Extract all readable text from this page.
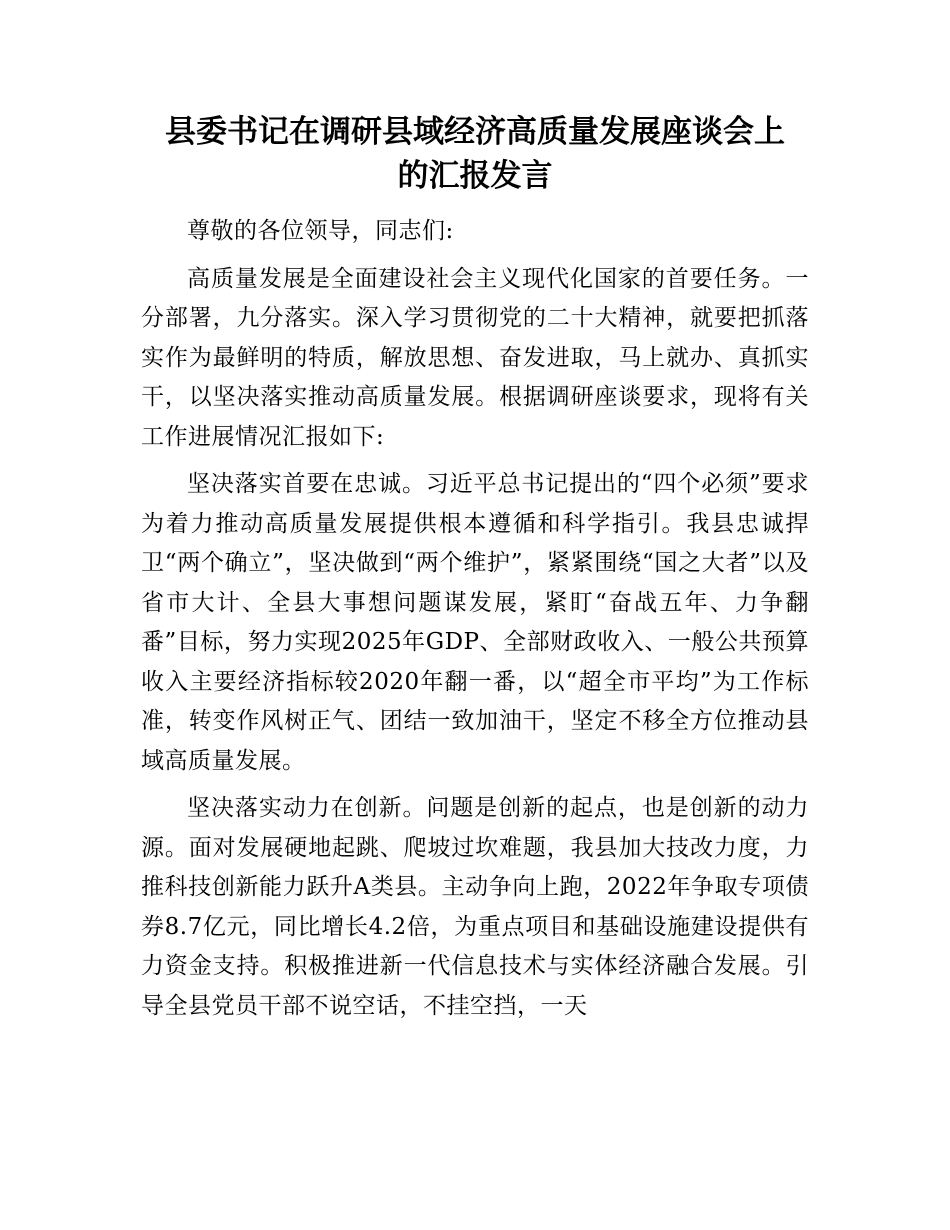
县委书记在调研县域经济高质量发展座谈会上
的汇报发言

尊敬的各位领导，同志们:

高质量发展是全面建设社会主义现代化国家的首要任务。一分部署，九分落实。深入学习贯彻党的二十大精神，就要把抓落实作为最鲜明的特质，解放思想、奋发进取，马上就办、真抓实干，以坚决落实推动高质量发展。根据调研座谈要求，现将有关工作进展情况汇报如下:

坚决落实首要在忠诚。习近平总书记提出的“四个必须”要求为着力推动高质量发展提供根本遵循和科学指引。我县忠诚捍卫“两个确立”，坚决做到“两个维护”，紧紧围绕“国之大者”以及省市大计、全县大事想问题谋发展，紧盯“奋战五年、力争翻番”目标，努力实现2025年GDP、全部财政收入、一般公共预算收入主要经济指标较2020年翻一番，以“超全市平均”为工作标准，转变作风树正气、团结一致加油干，坚定不移全方位推动县域高质量发展。

坚决落实动力在创新。问题是创新的起点，也是创新的动力源。面对发展硬地起跳、爬坡过坎难题，我县加大技改力度，力推科技创新能力跃升A类县。主动争向上跑，2022年争取专项债券8.7亿元，同比增长4.2倍，为重点项目和基础设施建设提供有力资金支持。积极推进新一代信息技术与实体经济融合发展。引导全县党员干部不说空话，不挂空挡，一天
